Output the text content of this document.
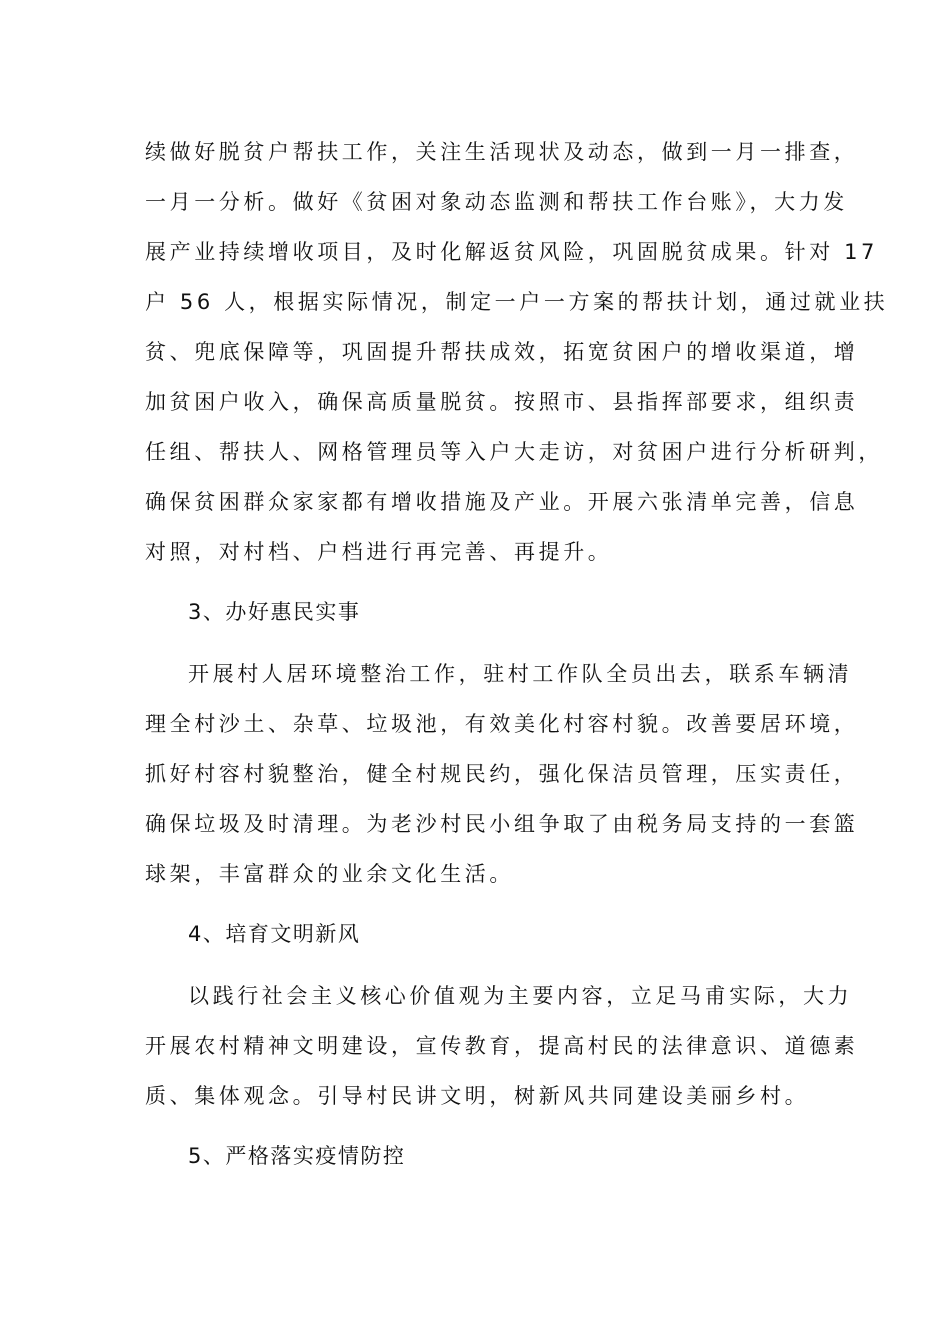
续做好脱贫户帮扶工作，关注生活现状及动态，做到一月一排查，
一月一分析。做好《贫困对象动态监测和帮扶工作台账》，大力发
展产业持续增收项目，及时化解返贫风险，巩固脱贫成果。针对 17
户 56 人，根据实际情况，制定一户一方案的帮扶计划，通过就业扶
贫、兜底保障等，巩固提升帮扶成效，拓宽贫困户的增收渠道，增
加贫困户收入，确保高质量脱贫。按照市、县指挥部要求，组织责
任组、帮扶人、网格管理员等入户大走访，对贫困户进行分析研判，
确保贫困群众家家都有增收措施及产业。开展六张清单完善，信息
对照，对村档、户档进行再完善、再提升。
3、办好惠民实事
开展村人居环境整治工作，驻村工作队全员出去，联系车辆清
理全村沙土、杂草、垃圾池，有效美化村容村貌。改善要居环境，
抓好村容村貌整治，健全村规民约，强化保洁员管理，压实责任，
确保垃圾及时清理。为老沙村民小组争取了由税务局支持的一套篮
球架，丰富群众的业余文化生活。
4、培育文明新风
以践行社会主义核心价值观为主要内容，立足马甫实际，大力
开展农村精神文明建设，宣传教育，提高村民的法律意识、道德素
质、集体观念。引导村民讲文明，树新风共同建设美丽乡村。
5、严格落实疫情防控
